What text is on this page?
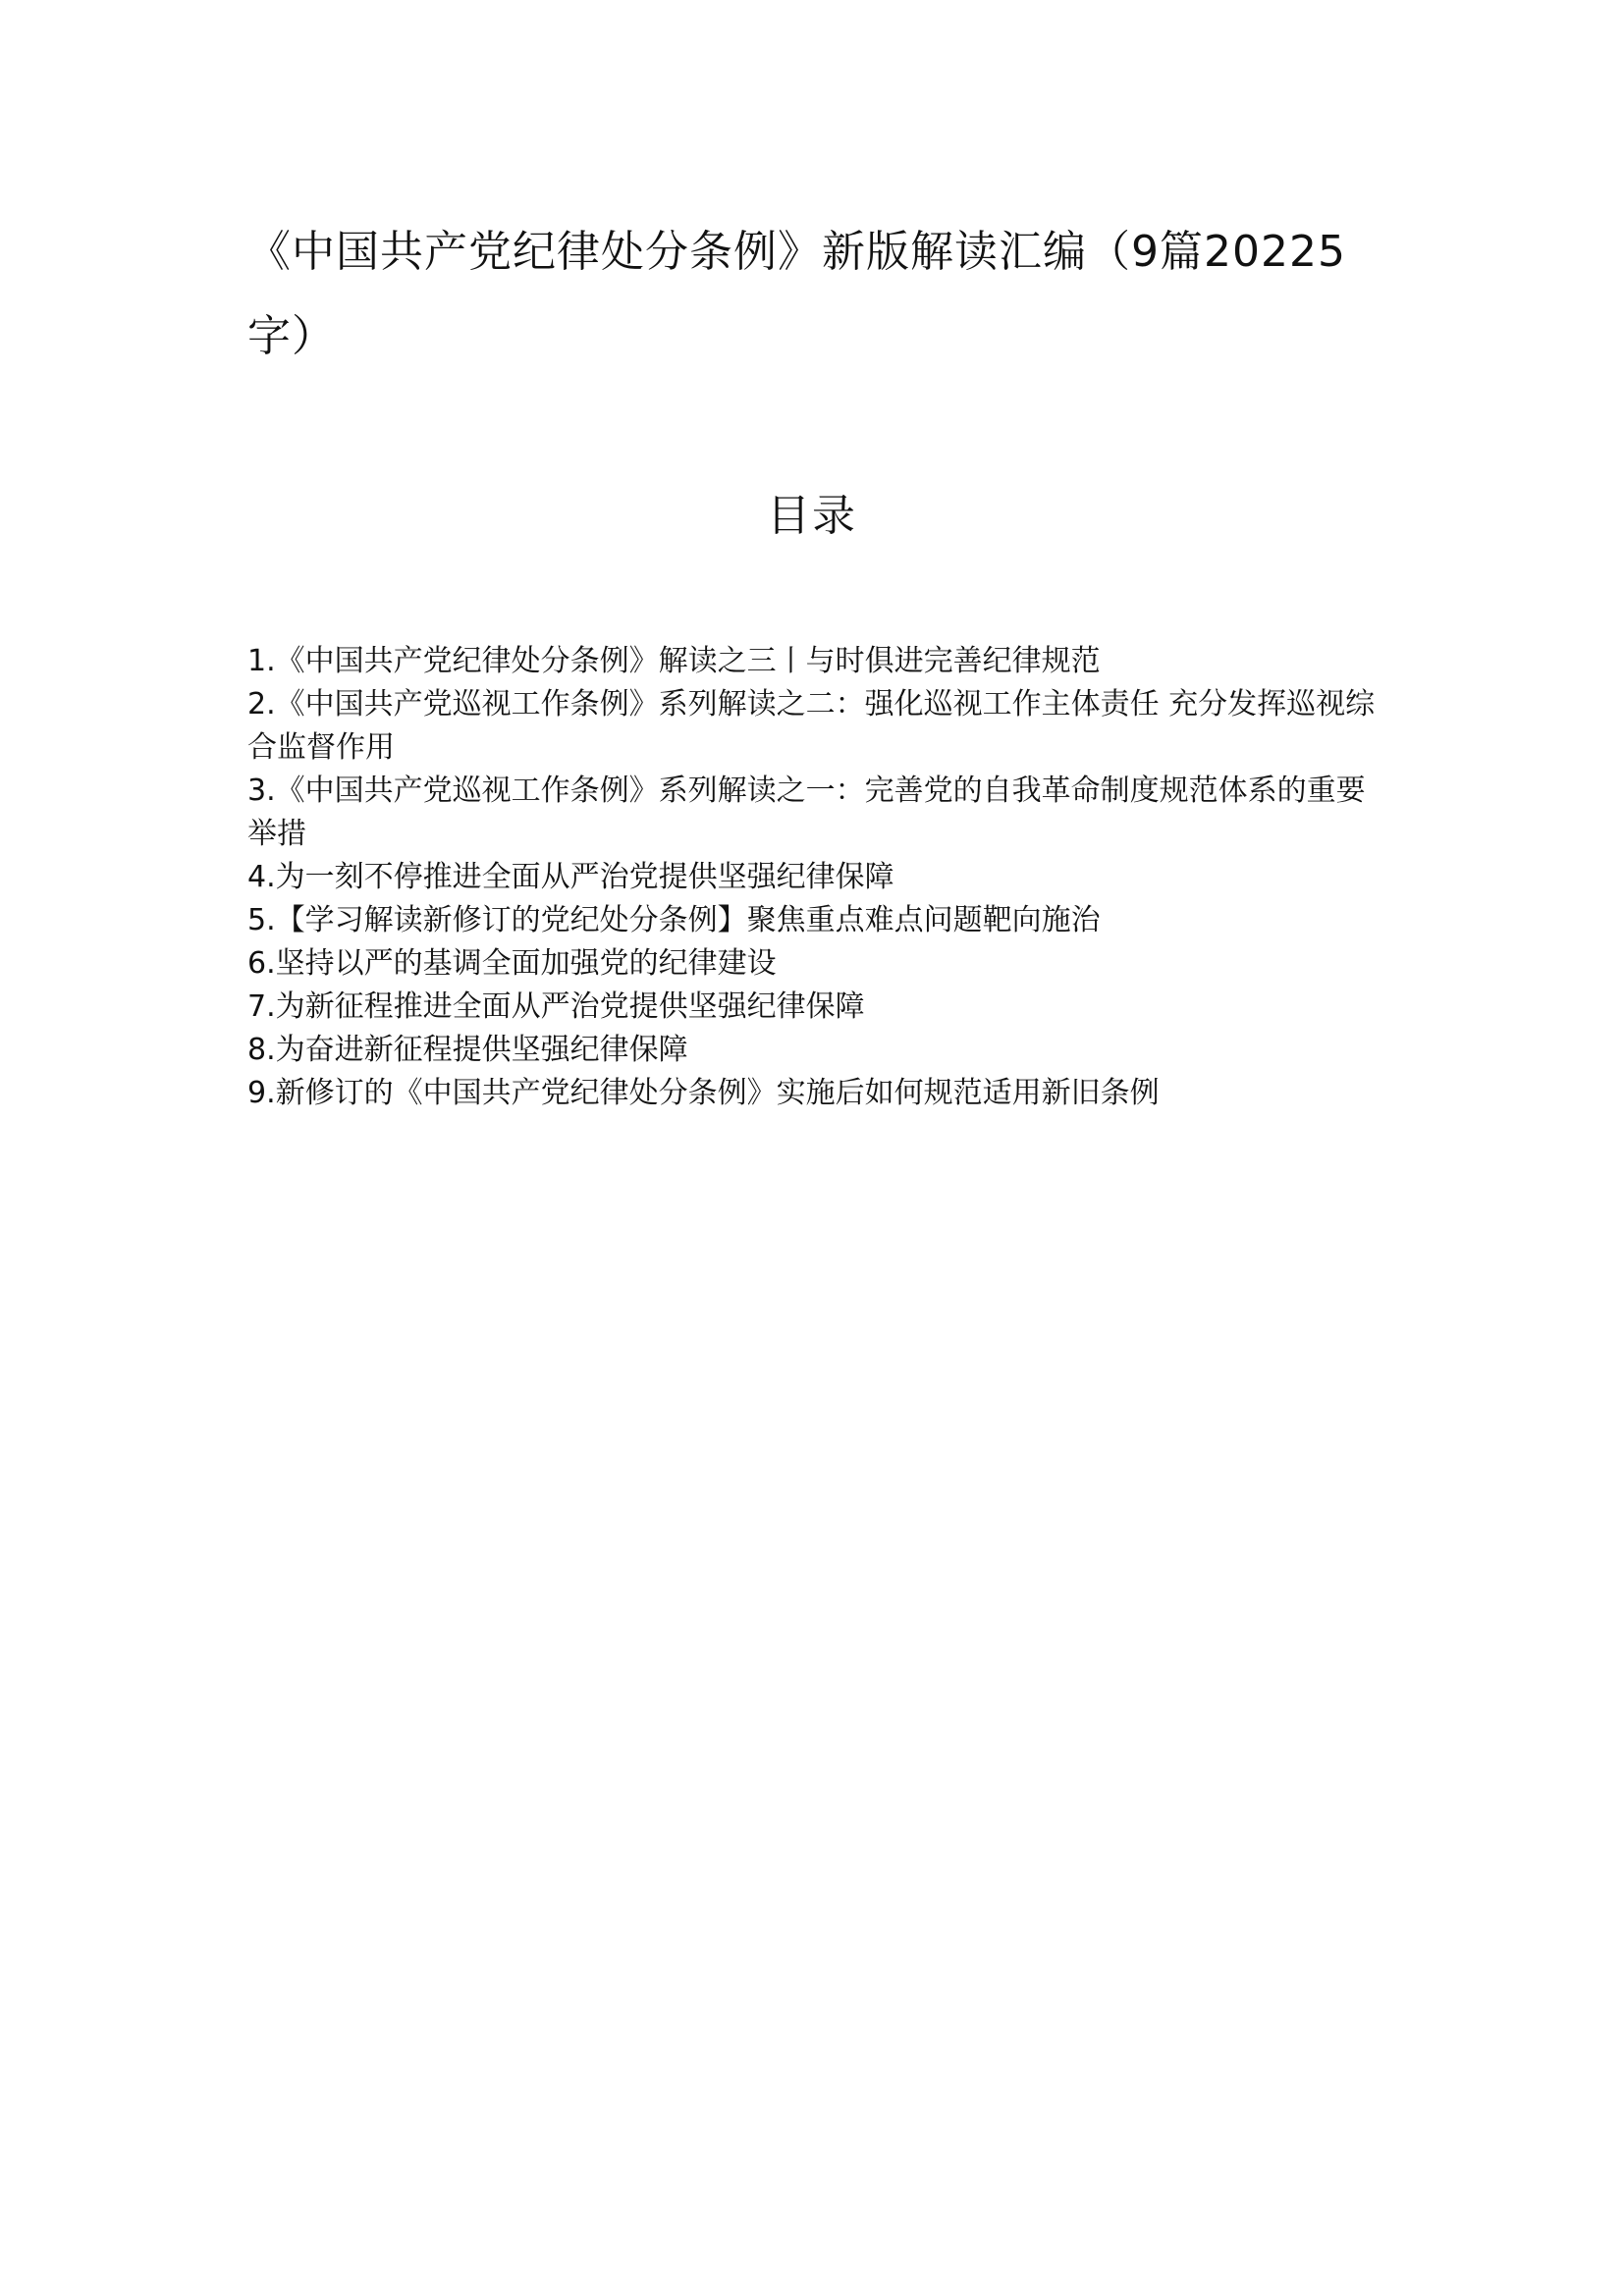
《中国共产党纪律处分条例》新版解读汇编（9篇20225字）
目录
1.《中国共产党纪律处分条例》解读之三丨与时俱进完善纪律规范
2.《中国共产党巡视工作条例》系列解读之二：强化巡视工作主体责任 充分发挥巡视综合监督作用
3.《中国共产党巡视工作条例》系列解读之一：完善党的自我革命制度规范体系的重要举措
4.为一刻不停推进全面从严治党提供坚强纪律保障
5.【学习解读新修订的党纪处分条例】聚焦重点难点问题靶向施治
6.坚持以严的基调全面加强党的纪律建设
7.为新征程推进全面从严治党提供坚强纪律保障
8.为奋进新征程提供坚强纪律保障
9.新修订的《中国共产党纪律处分条例》实施后如何规范适用新旧条例
